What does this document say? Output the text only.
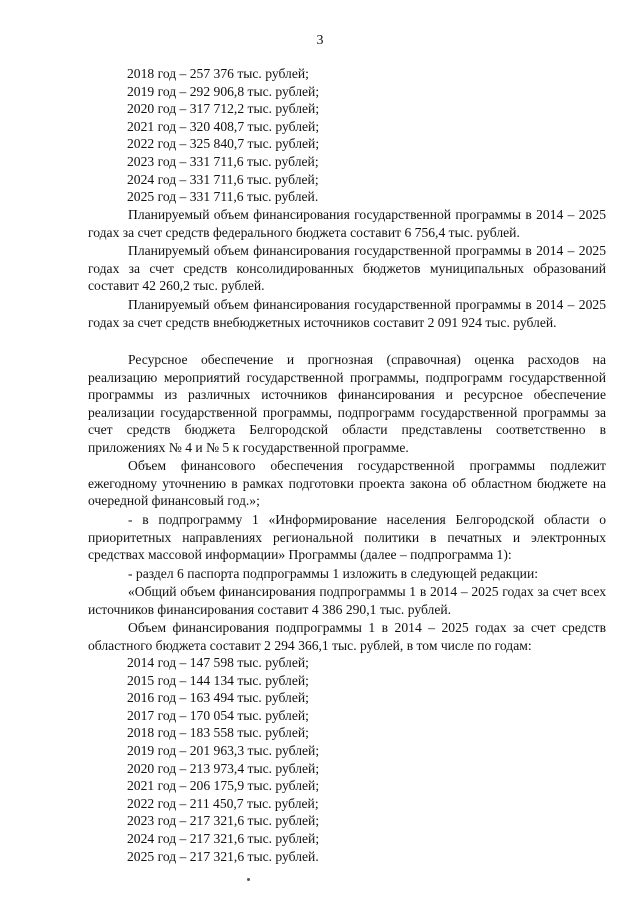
3
2018 год – 257 376 тыс. рублей;
2019 год – 292 906,8 тыс. рублей;
2020 год – 317 712,2 тыс. рублей;
2021 год – 320 408,7 тыс. рублей;
2022 год – 325 840,7 тыс. рублей;
2023 год – 331 711,6 тыс. рублей;
2024 год – 331 711,6 тыс. рублей;
2025 год – 331 711,6 тыс. рублей.
Планируемый объем финансирования государственной программы в 2014 – 2025 годах за счет средств федерального бюджета составит 6 756,4 тыс. рублей.
Планируемый объем финансирования государственной программы в 2014 – 2025 годах за счет средств консолидированных бюджетов муниципальных образований составит 42 260,2 тыс. рублей.
Планируемый объем финансирования государственной программы в 2014 – 2025 годах за счет средств внебюджетных источников составит 2 091 924 тыс. рублей.
Ресурсное обеспечение и прогнозная (справочная) оценка расходов на реализацию мероприятий государственной программы, подпрограмм государственной программы из различных источников финансирования и ресурсное обеспечение реализации государственной программы, подпрограмм государственной программы за счет средств бюджета Белгородской области представлены соответственно в приложениях № 4 и № 5 к государственной программе.
Объем финансового обеспечения государственной программы подлежит ежегодному уточнению в рамках подготовки проекта закона об областном бюджете на очередной финансовый год.»;
- в подпрограмму 1 «Информирование населения Белгородской области о приоритетных направлениях региональной политики в печатных и электронных средствах массовой информации» Программы (далее – подпрограмма 1):
- раздел 6 паспорта подпрограммы 1 изложить в следующей редакции:
«Общий объем финансирования подпрограммы 1 в 2014 – 2025 годах за счет всех источников финансирования составит 4 386 290,1 тыс. рублей.
Объем финансирования подпрограммы 1 в 2014 – 2025 годах за счет средств областного бюджета составит 2 294 366,1 тыс. рублей, в том числе по годам:
2014 год – 147 598 тыс. рублей;
2015 год – 144 134 тыс. рублей;
2016 год – 163 494 тыс. рублей;
2017 год – 170 054 тыс. рублей;
2018 год – 183 558 тыс. рублей;
2019 год – 201 963,3 тыс. рублей;
2020 год – 213 973,4 тыс. рублей;
2021 год – 206 175,9 тыс. рублей;
2022 год – 211 450,7 тыс. рублей;
2023 год – 217 321,6 тыс. рублей;
2024 год – 217 321,6 тыс. рублей;
2025 год – 217 321,6 тыс. рублей.
